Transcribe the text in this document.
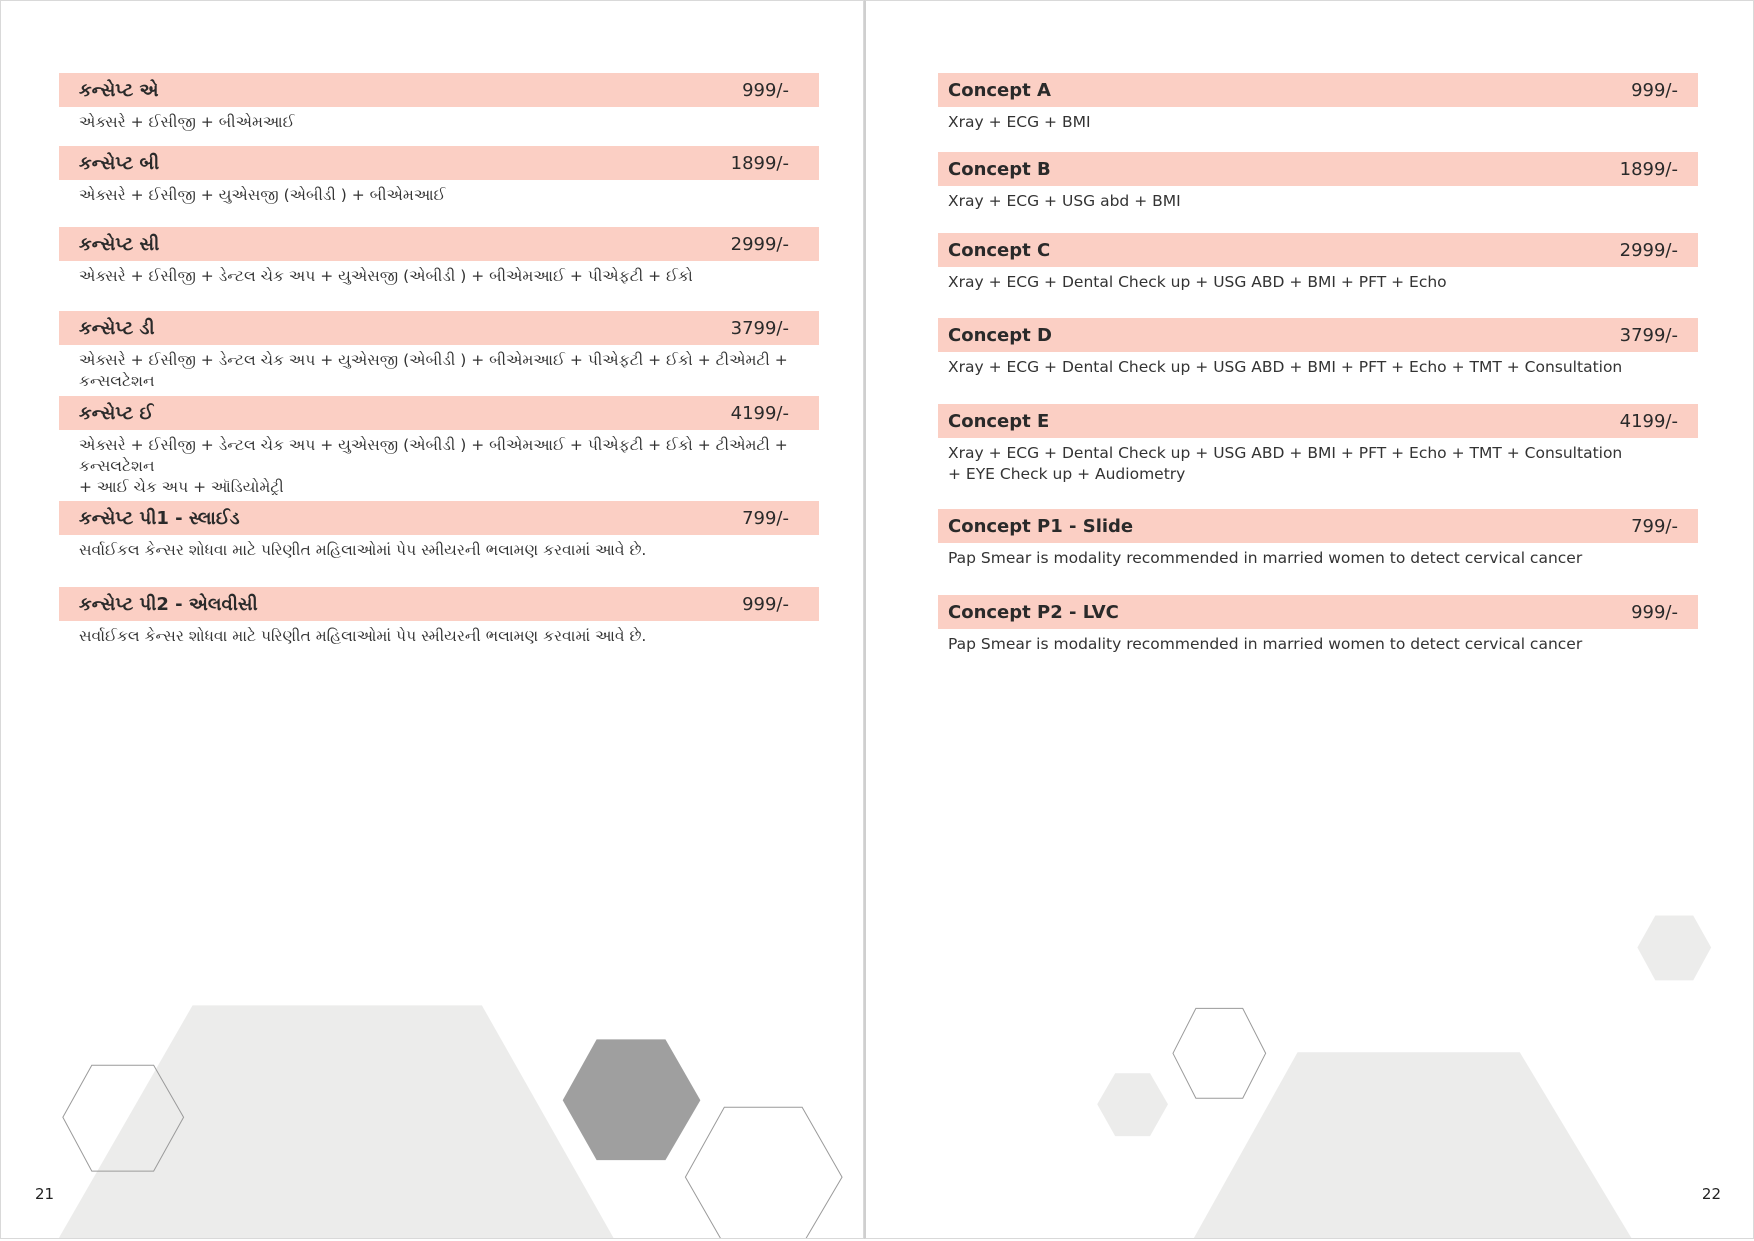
કન્સેપ્ટ એ	999/-
એક્સરે + ઈસીજી + બીએમઆઈ
કન્સેપ્ટ બી	1899/-
એક્સરે + ઈસીજી + યુએસજી (એબીડી ) + બીએમઆઈ
કન્સેપ્ટ સી	2999/-
એક્સરે + ઈસીજી + ડેન્ટલ ચેક અપ + યુએસજી (એબીડી ) + બીએમઆઈ + પીએફટી + ઈકો
કન્સેપ્ટ ડી	3799/-
એક્સરે + ઈસીજી + ડેન્ટલ ચેક અપ + યુએસજી (એબીડી ) + બીએમઆઈ + પીએફટી + ઈકો + ટીએમટી + કન્સલટેશન
કન્સેપ્ટ ઈ	4199/-
એક્સરે + ઈસીજી + ડેન્ટલ ચેક અપ + યુએસજી (એબીડી ) + બીએમઆઈ + પીએફટી + ઈકો + ટીએમટી + કન્સલટેશન
+ આઈ ચેક અપ + ઑડિયોમેટ્રી
કન્સેપ્ટ પી1 - સ્લાઈડ	799/-
સર્વાઈકલ કેન્સર શોધવા માટે પરિણીત મહિલાઓમાં પેપ સ્મીયરની ભલામણ કરવામાં આવે છે.
કન્સેપ્ટ પી2 - એલવીસી	999/-
સર્વાઈકલ કેન્સર શોધવા માટે પરિણીત મહિલાઓમાં પેપ સ્મીયરની ભલામણ કરવામાં આવે છે.
21
Concept A	999/-
Xray + ECG + BMI
Concept B	1899/-
Xray + ECG + USG abd + BMI
Concept C	2999/-
Xray + ECG + Dental Check up + USG ABD + BMI + PFT + Echo
Concept D	3799/-
Xray + ECG + Dental Check up + USG ABD + BMI + PFT + Echo + TMT + Consultation
Concept E	4199/-
Xray + ECG + Dental Check up + USG ABD + BMI + PFT + Echo + TMT + Consultation
+ EYE Check up + Audiometry
Concept P1 - Slide	799/-
Pap Smear is modality recommended in married women to detect cervical cancer
Concept P2 - LVC	999/-
Pap Smear is modality recommended in married women to detect cervical cancer
22
